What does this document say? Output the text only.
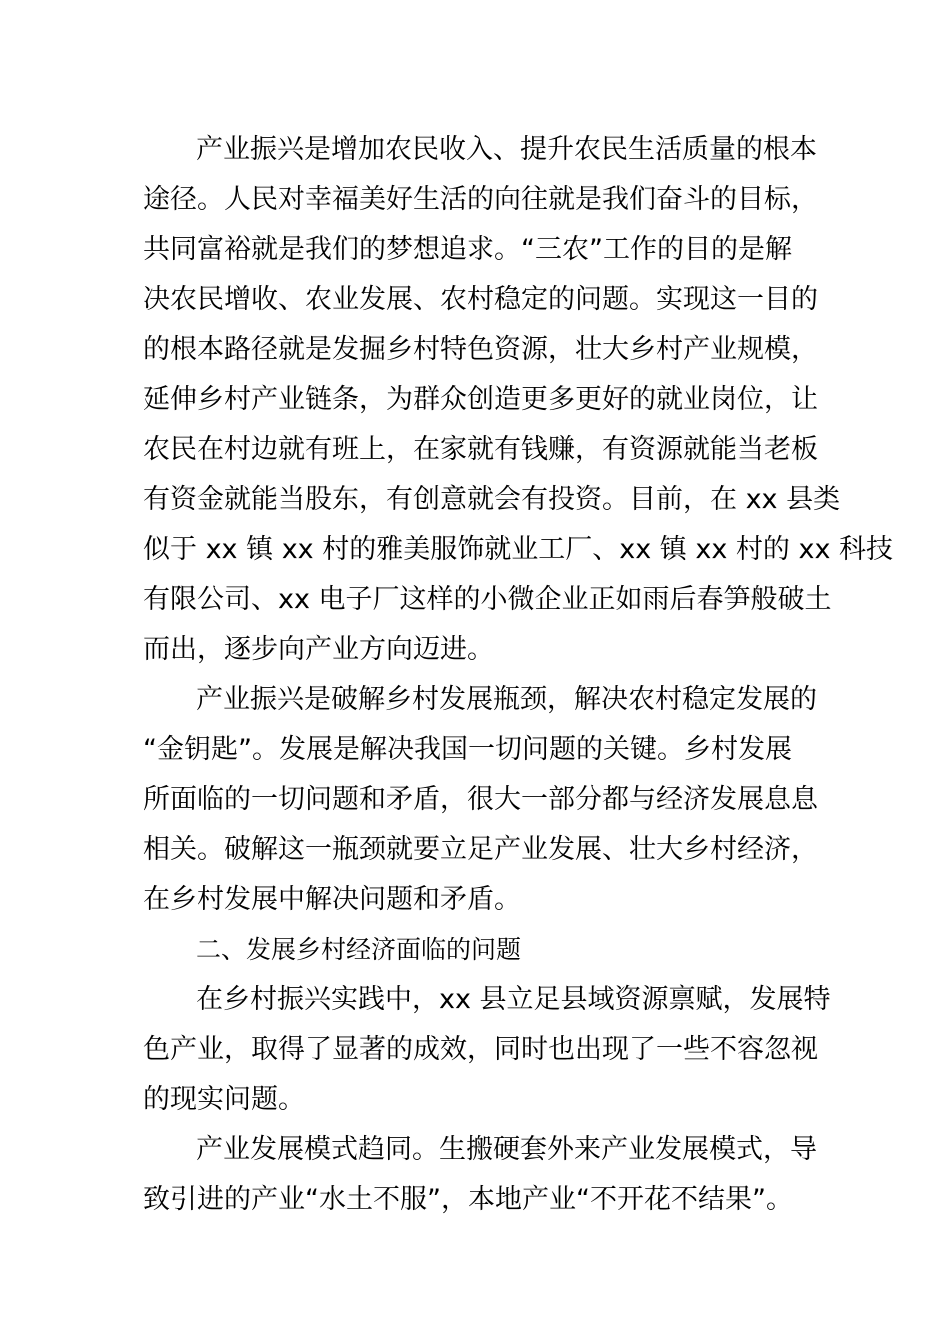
产业振兴是增加农民收入、提升农民生活质量的根本
途径。人民对幸福美好生活的向往就是我们奋斗的目标，
共同富裕就是我们的梦想追求。“三农”工作的目的是解
决农民增收、农业发展、农村稳定的问题。实现这一目的
的根本路径就是发掘乡村特色资源，壮大乡村产业规模，
延伸乡村产业链条，为群众创造更多更好的就业岗位，让
农民在村边就有班上，在家就有钱赚，有资源就能当老板
有资金就能当股东，有创意就会有投资。目前，在 xx 县类
似于 xx 镇 xx 村的雅美服饰就业工厂、xx 镇 xx 村的 xx 科技
有限公司、xx 电子厂这样的小微企业正如雨后春笋般破土
而出，逐步向产业方向迈进。
产业振兴是破解乡村发展瓶颈，解决农村稳定发展的
“金钥匙”。发展是解决我国一切问题的关键。乡村发展
所面临的一切问题和矛盾，很大一部分都与经济发展息息
相关。破解这一瓶颈就要立足产业发展、壮大乡村经济，
在乡村发展中解决问题和矛盾。
二、发展乡村经济面临的问题
在乡村振兴实践中，xx 县立足县域资源禀赋，发展特
色产业，取得了显著的成效，同时也出现了一些不容忽视
的现实问题。
产业发展模式趋同。生搬硬套外来产业发展模式，导
致引进的产业“水土不服”，本地产业“不开花不结果”。
